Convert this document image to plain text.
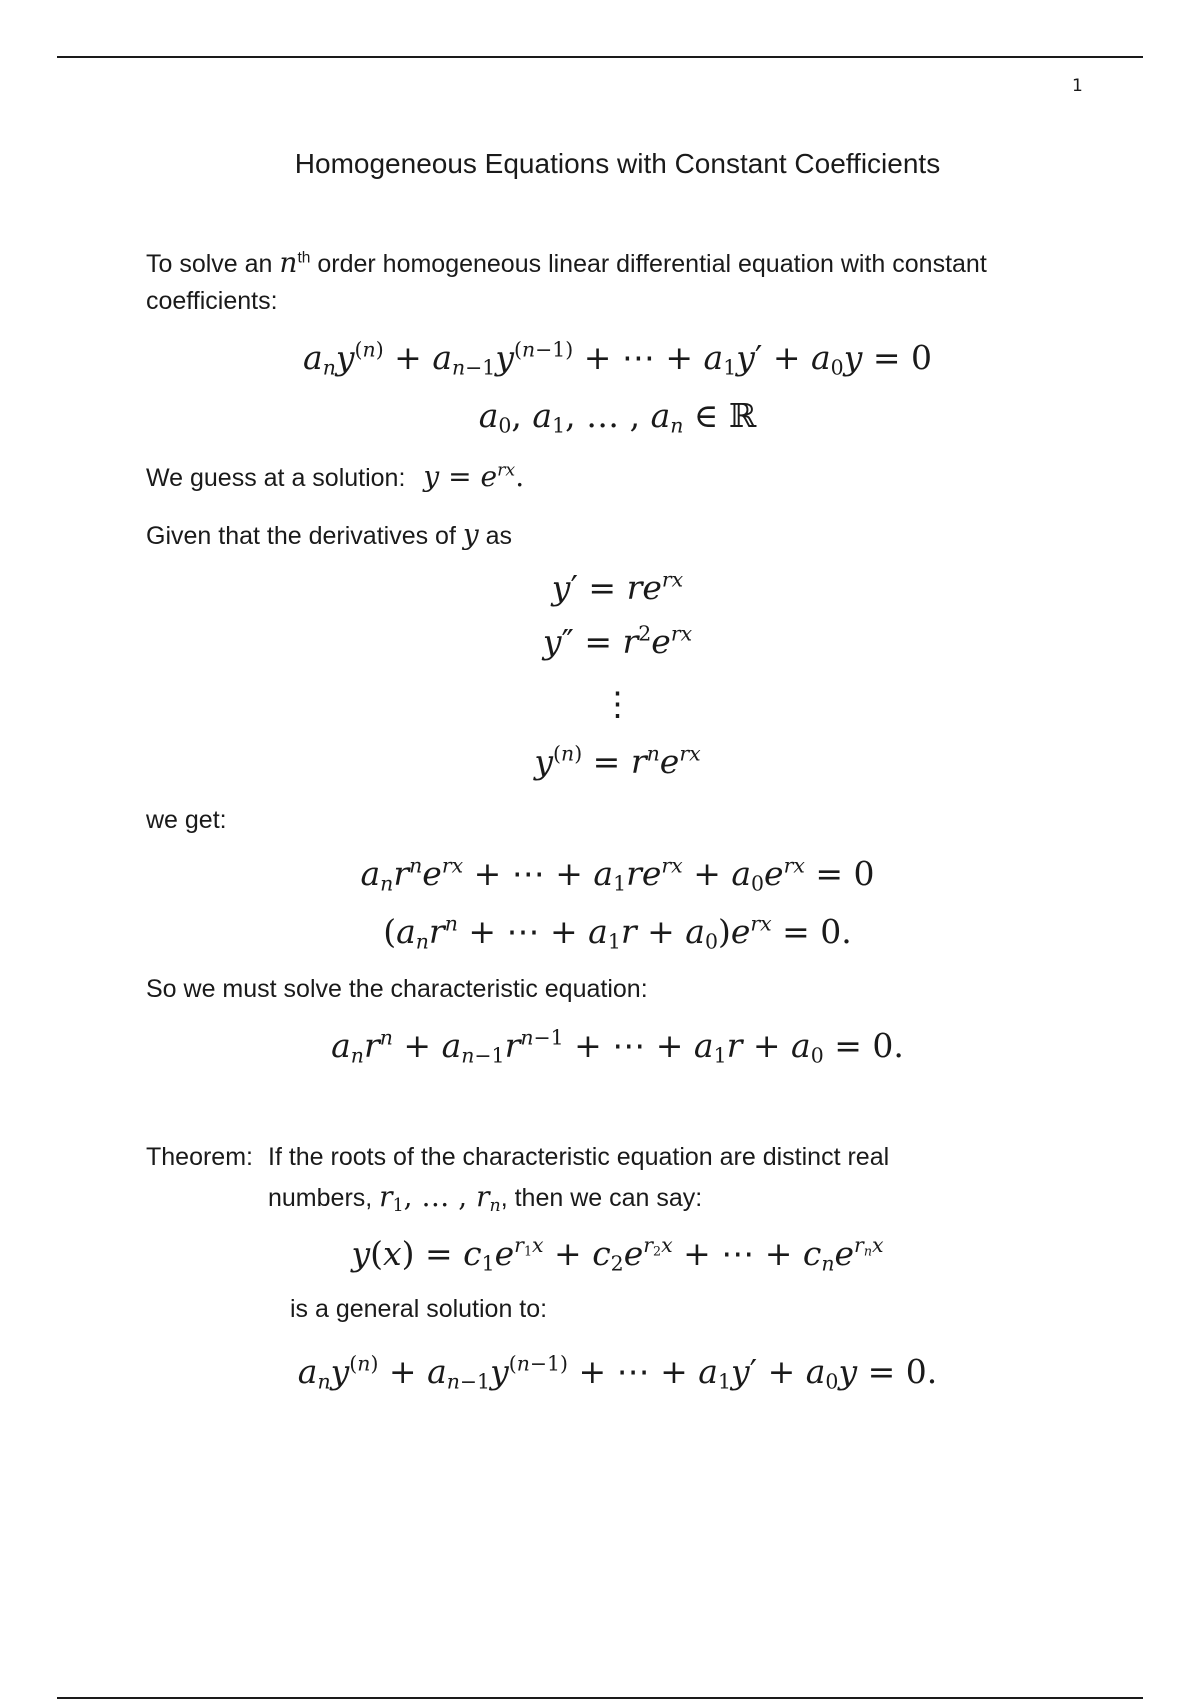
1
Homogeneous Equations with Constant Coefficients
To solve an $n^{th}$ order homogeneous linear differential equation with constant
coefficients:
$a_ny^{(n)} + a_{n-1}y^{(n-1)}$ + ⋯ + $a_1y' + a_0y = 0$
$a_0$, $a_1$, … , $a_n$ ∈ ℝ
We guess at a solution: $y = e^{rx}$.
Given that the derivatives of y as
$y' = re^{rx}$
$y'' = r^2e^{rx}$
⋮
$y^{(n)} = r^ne^{rx}$
we get:
$a_nr^ne^{rx}$ + ⋯ + $a_1re^{rx} + a_0e^{rx} = 0$
($a_nr^n$ + ⋯ + $a_1r + a_0)e^{rx} = 0$.
So we must solve the characteristic equation:
$a_nr^n + a_{n-1}r^{n-1}$ + ⋯ + $a_1r + a_0 = 0$.
Theorem: If the roots of the characteristic equation are distinct real
numbers, $r_1$, … , $r_n$, then we can say:
$y(x) = c_1e^{r_1x} + c_2e^{r_2x}$ + ⋯ + $c_ne^{r_nx}$
is a general solution to:
$a_ny^{(n)} + a_{n-1}y^{(n-1)}$ + ⋯ + $a_1y' + a_0y = 0$.
